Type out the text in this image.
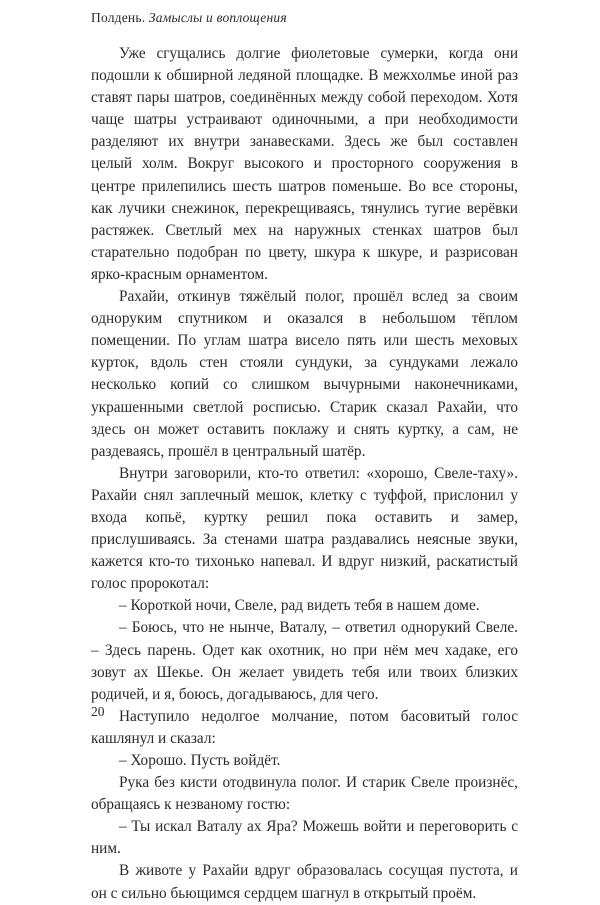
Полдень. Замыслы и воплощения

Уже сгущались долгие фиолетовые сумерки, когда они подошли к обширной ледяной площадке. В межхолмье иной раз ставят пары шатров, соединённых между собой переходом. Хотя чаще шатры устраивают одиночными, а при необходимости разделяют их внутри занавесками. Здесь же был составлен целый холм. Вокруг высокого и просторного сооружения в центре прилепились шесть шатров поменьше. Во все стороны, как лучики снежинок, перекрещиваясь, тянулись тугие верёвки растяжек. Светлый мех на наружных стенках шатров был старательно подобран по цвету, шкура к шкуре, и разрисован ярко-красным орнаментом.

Рахайи, откинув тяжёлый полог, прошёл вслед за своим одноруким спутником и оказался в небольшом тёплом помещении. По углам шатра висело пять или шесть меховых курток, вдоль стен стояли сундуки, за сундуками лежало несколько копий со слишком вычурными наконечниками, украшенными светлой росписью. Старик сказал Рахайи, что здесь он может оставить поклажу и снять куртку, а сам, не раздеваясь, прошёл в центральный шатёр.

Внутри заговорили, кто-то ответил: «хорошо, Свеле-таху». Рахайи снял заплечный мешок, клетку с туффой, прислонил у входа копьё, куртку решил пока оставить и замер, прислушиваясь. За стенами шатра раздавались неясные звуки, кажется кто-то тихонько напевал. И вдруг низкий, раскатистый голос пророкотал:

– Короткой ночи, Свеле, рад видеть тебя в нашем доме.

– Боюсь, что не нынче, Ваталу, – ответил однорукий Свеле. – Здесь парень. Одет как охотник, но при нём меч хадаке, его зовут ах Шекье. Он желает увидеть тебя или твоих близких родичей, и я, боюсь, догадываюсь, для чего.

Наступило недолгое молчание, потом басовитый голос кашлянул и сказал:

– Хорошо. Пусть войдёт.

Рука без кисти отодвинула полог. И старик Свеле произнёс, обращаясь к незваному гостю:

– Ты искал Ваталу ах Яра? Можешь войти и переговорить с ним.

В животе у Рахайи вдруг образовалась сосущая пустота, и он с сильно бьющимся сердцем шагнул в открытый проём.

20
